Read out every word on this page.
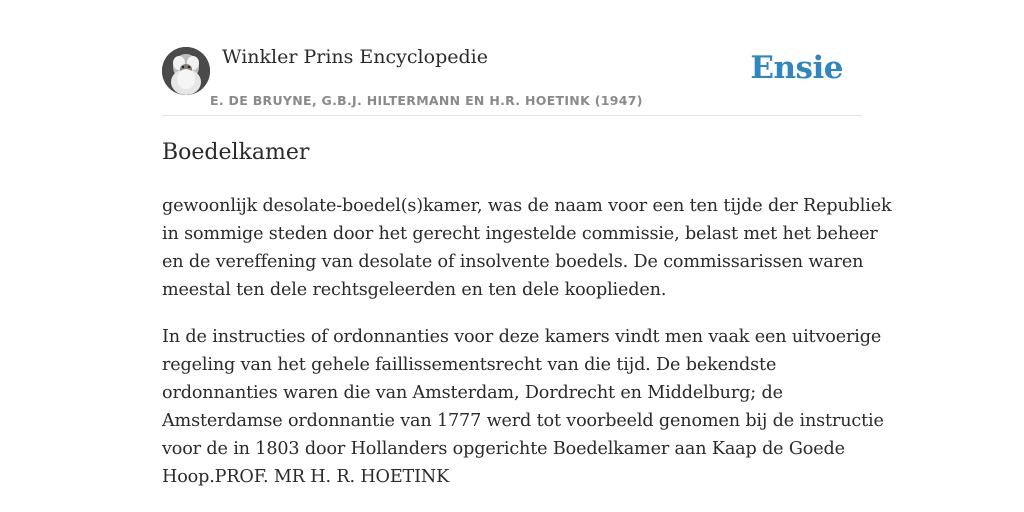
Winkler Prins Encyclopedie
E. DE BRUYNE, G.B.J. HILTERMANN EN H.R. HOETINK (1947)
Ensie
Boedelkamer

gewoonlijk desolate-boedel(s)kamer, was de naam voor een ten tijde der Republiek
in sommige steden door het gerecht ingestelde commissie, belast met het beheer
en de vereffening van desolate of insolvente boedels. De commissarissen waren
meestal ten dele rechtsgeleerden en ten dele kooplieden.

In de instructies of ordonnanties voor deze kamers vindt men vaak een uitvoerige
regeling van het gehele faillissementsrecht van die tijd. De bekendste
ordonnanties waren die van Amsterdam, Dordrecht en Middelburg; de
Amsterdamse ordonnantie van 1777 werd tot voorbeeld genomen bij de instructie
voor de in 1803 door Hollanders opgerichte Boedelkamer aan Kaap de Goede
Hoop.PROF. MR H. R. HOETINK
